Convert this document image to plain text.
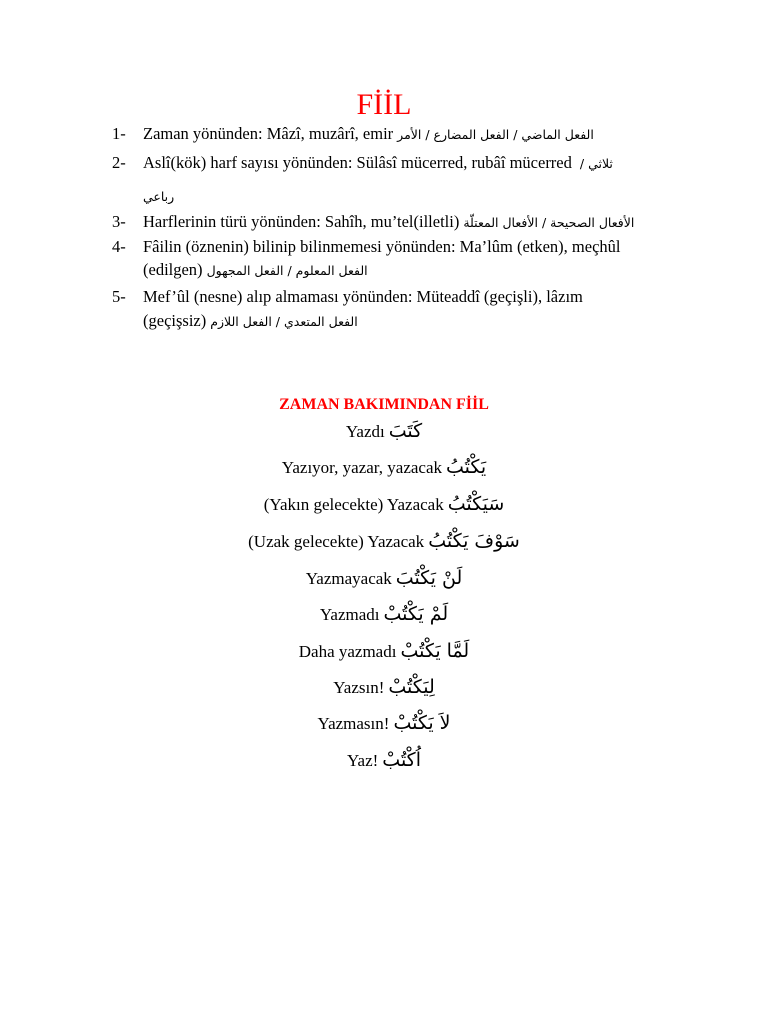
FİİL
1- Zaman yönünden: Mâzî, muzârî, emir الفعل الماضي / الفعل المضارع / الأمر
2- Aslî(kök) harf sayısı yönünden: Sülâsî mücerred, rubâî mücerred ثلاثي /
رباعي
3- Harflerinin türü yönünden: Sahîh, mu’tel(illetli) الأفعال الصحيحة / الأفعال المعتلّة
4- Fâilin (öznenin) bilinip bilinmemesi yönünden: Ma’lûm (etken), meçhûl
(edilgen) الفعل المعلوم / الفعل المجهول
5- Mef’ûl (nesne) alıp almaması yönünden: Müteaddî (geçişli), lâzım
(geçişsiz) الفعل المتعدي / الفعل اللازم
ZAMAN BAKIMINDAN FİİL
Yazdı كَتَبَ
Yazıyor, yazar, yazacak يَكْتُبُ
(Yakın gelecekte) Yazacak سَيَكْتُبُ
(Uzak gelecekte) Yazacak سَوْفَ يَكْتُبُ
Yazmayacak لَنْ يَكْتُبَ
Yazmadı لَمْ يَكْتُبْ
Daha yazmadı لَمَّا يَكْتُبْ
Yazsın! لِيَكْتُبْ
Yazmasın! لاَ يَكْتُبْ
Yaz! اُكْتُبْ
